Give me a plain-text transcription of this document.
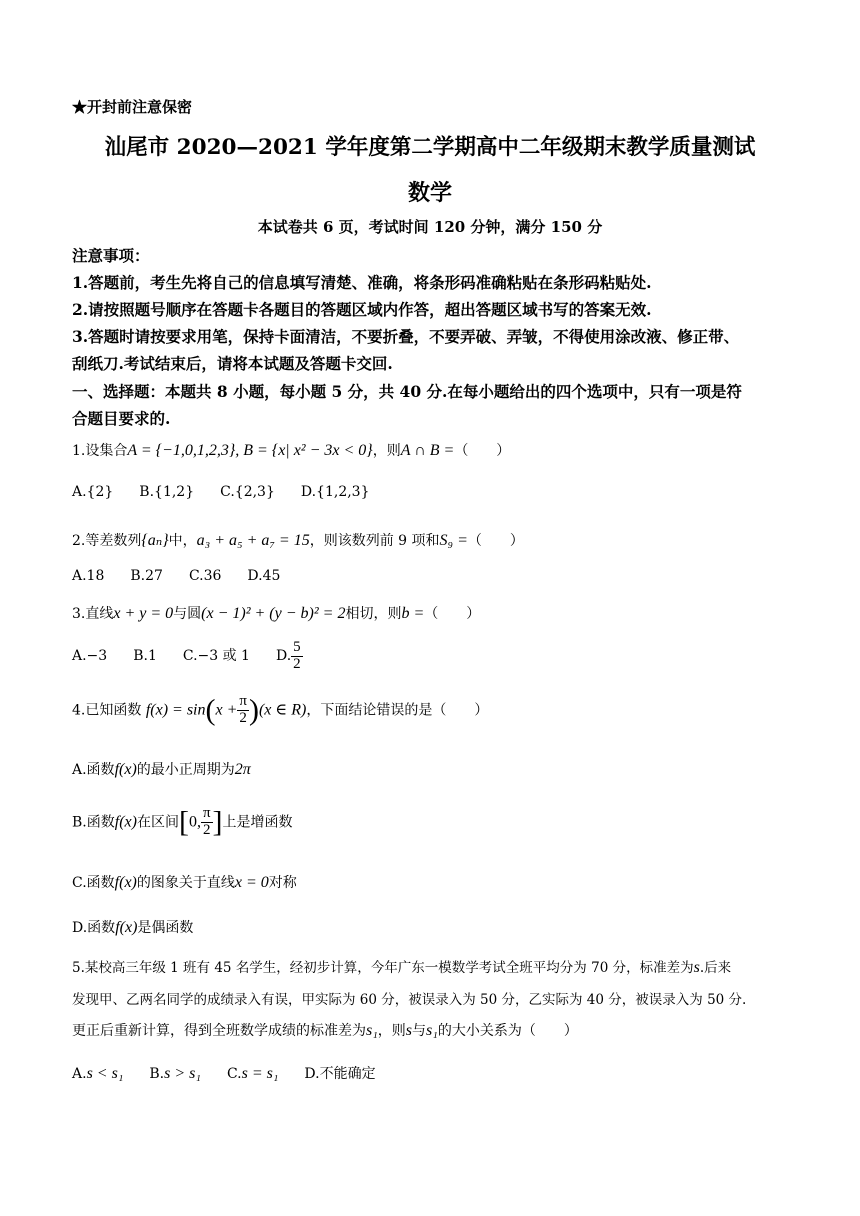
★开封前注意保密
汕尾市 2020—2021 学年度第二学期高中二年级期末教学质量测试
数学
本试卷共 6 页，考试时间 120 分钟，满分 150 分
注意事项：
1.答题前，考生先将自己的信息填写清楚、准确，将条形码准确粘贴在条形码粘贴处.
2.请按照题号顺序在答题卡各题目的答题区域内作答，超出答题区域书写的答案无效.
3.答题时请按要求用笔，保持卡面清洁，不要折叠，不要弄破、弄皱，不得使用涂改液、修正带、
刮纸刀.考试结束后，请将本试题及答题卡交回.
一、选择题：本题共 8 小题，每小题 5 分，共 40 分.在每小题给出的四个选项中，只有一项是符
合题目要求的.
1.设集合A = {−1,0,1,2,3}, B = {x| x² − 3x < 0}，则A ∩ B =（　　）
A.{2} B.{1,2} C.{2,3} D.{1,2,3}
2.等差数列{aₙ}中，a₃ + a₅ + a₇ = 15，则该数列前 9 项和S₉ =（　　）
A.18 B.27 C.36 D.45
3.直线x + y = 0与圆(x − 1)² + (y − b)² = 2相切，则b =（　　）
A.−3 B.1 C.−3 或 1 D. $\frac{5}{2}$
4.已知函数 $f(x) = \sin(x + \frac{\pi}{2} )(x$ ∈ R)，下面结论错误的是（　　）
A.函数f(x)的最小正周期为2π
B.函数f(x)在区间[0, $\frac{\pi}{2}$ ]上是增函数
C.函数f(x)的图象关于直线x = 0对称
D.函数f(x)是偶函数
5.某校高三年级 1 班有 45 名学生，经初步计算，今年广东一模数学考试全班平均分为 70 分，标准差为s.后来
发现甲、乙两名同学的成绩录入有误，甲实际为 60 分，被误录入为 50 分，乙实际为 40 分，被误录入为 50 分.
更正后重新计算，得到全班数学成绩的标准差为s₁，则s与s₁的大小关系为（　　）
A.s < s₁ B.s > s₁ C.s = s₁ D.不能确定
